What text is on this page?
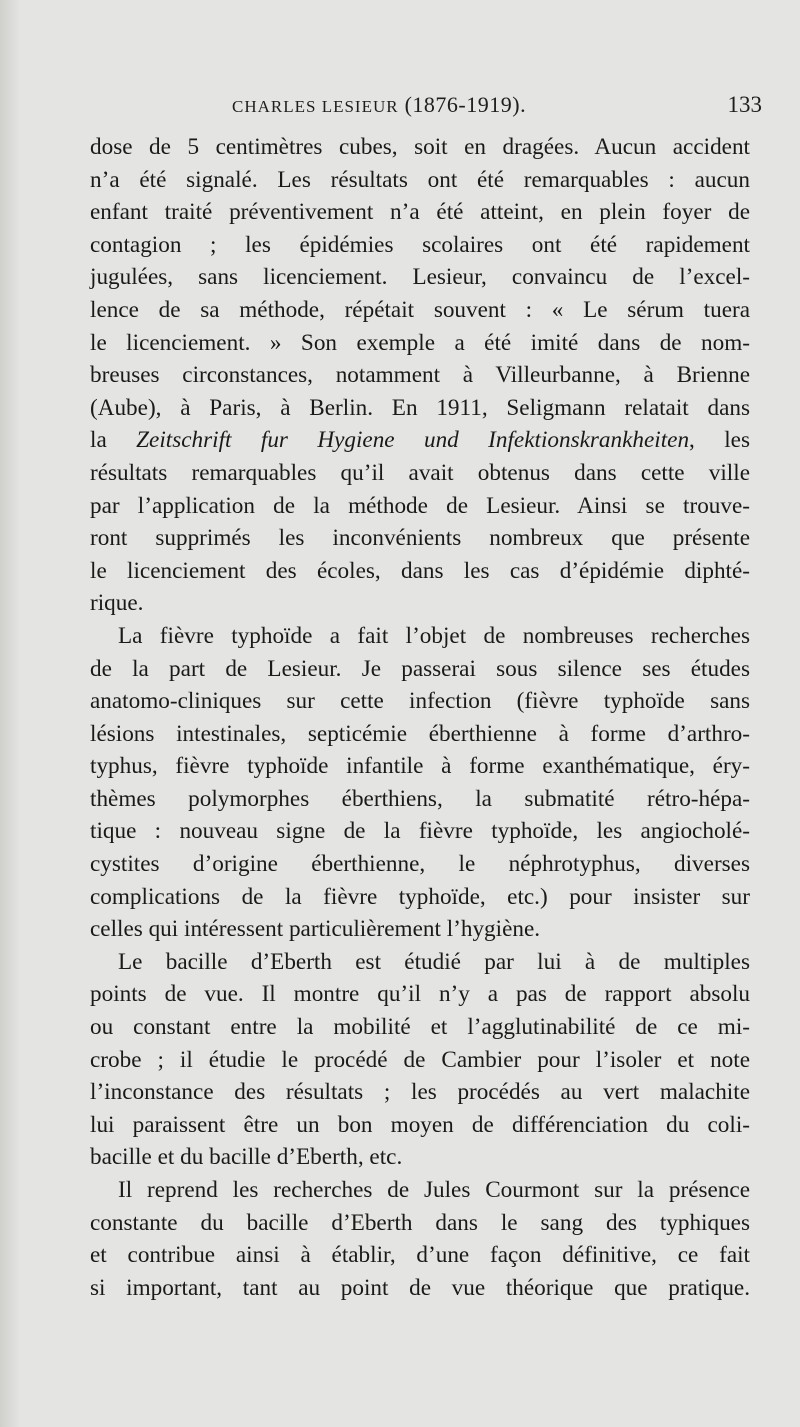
CHARLES LESIEUR (1876-1919).	133
dose de 5 centimètres cubes, soit en dragées. Aucun accident
n’a été signalé. Les résultats ont été remarquables : aucun
enfant traité préventivement n’a été atteint, en plein foyer de
contagion ; les épidémies scolaires ont été rapidement
jugulées, sans licenciement. Lesieur, convaincu de l’excel-
lence de sa méthode, répétait souvent : « Le sérum tuera
le licenciement. » Son exemple a été imité dans de nom-
breuses circonstances, notamment à Villeurbanne, à Brienne
(Aube), à Paris, à Berlin. En 1911, Seligmann relatait dans
la Zeitschrift fur Hygiene und Infektionskrankheiten, les
résultats remarquables qu’il avait obtenus dans cette ville
par l’application de la méthode de Lesieur. Ainsi se trouve-
ront supprimés les inconvénients nombreux que présente
le licenciement des écoles, dans les cas d’épidémie diphté-
rique.
La fièvre typhoïde a fait l’objet de nombreuses recherches
de la part de Lesieur. Je passerai sous silence ses études
anatomo-cliniques sur cette infection (fièvre typhoïde sans
lésions intestinales, septicémie éberthienne à forme d’arthro-
typhus, fièvre typhoïde infantile à forme exanthématique, éry-
thèmes polymorphes éberthiens, la submatité rétro-hépa-
tique : nouveau signe de la fièvre typhoïde, les angiocholé-
cystites d’origine éberthienne, le néphrotyphus, diverses
complications de la fièvre typhoïde, etc.) pour insister sur
celles qui intéressent particulièrement l’hygiène.
Le bacille d’Eberth est étudié par lui à de multiples
points de vue. Il montre qu’il n’y a pas de rapport absolu
ou constant entre la mobilité et l’agglutinabilité de ce mi-
crobe ; il étudie le procédé de Cambier pour l’isoler et note
l’inconstance des résultats ; les procédés au vert malachite
lui paraissent être un bon moyen de différenciation du coli-
bacille et du bacille d’Eberth, etc.
Il reprend les recherches de Jules Courmont sur la présence
constante du bacille d’Eberth dans le sang des typhiques
et contribue ainsi à établir, d’une façon définitive, ce fait
si important, tant au point de vue théorique que pratique.
